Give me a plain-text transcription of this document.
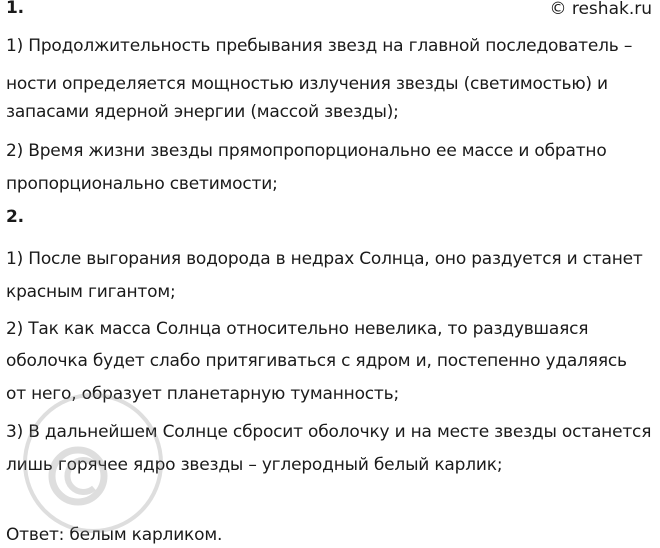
© reshak.ru
1.
1) Продолжительность пребывания звезд на главной последователь –
ности определяется мощностью излучения звезды (светимостью) и
запасами ядерной энергии (массой звезды);
2) Время жизни звезды прямопропорционально ее массе и обратно
пропорционально светимости;
2.
1) После выгорания водорода в недрах Солнца, оно раздуется и станет
красным гигантом;
2) Так как масса Солнца относительно невелика, то раздувшаяся
оболочка будет слабо притягиваться с ядром и, постепенно удаляясь
от него, образует планетарную туманность;
3) В дальнейшем Солнце сбросит оболочку и на месте звезды останется
лишь горячее ядро звезды – углеродный белый карлик;
Ответ: белым карликом.
